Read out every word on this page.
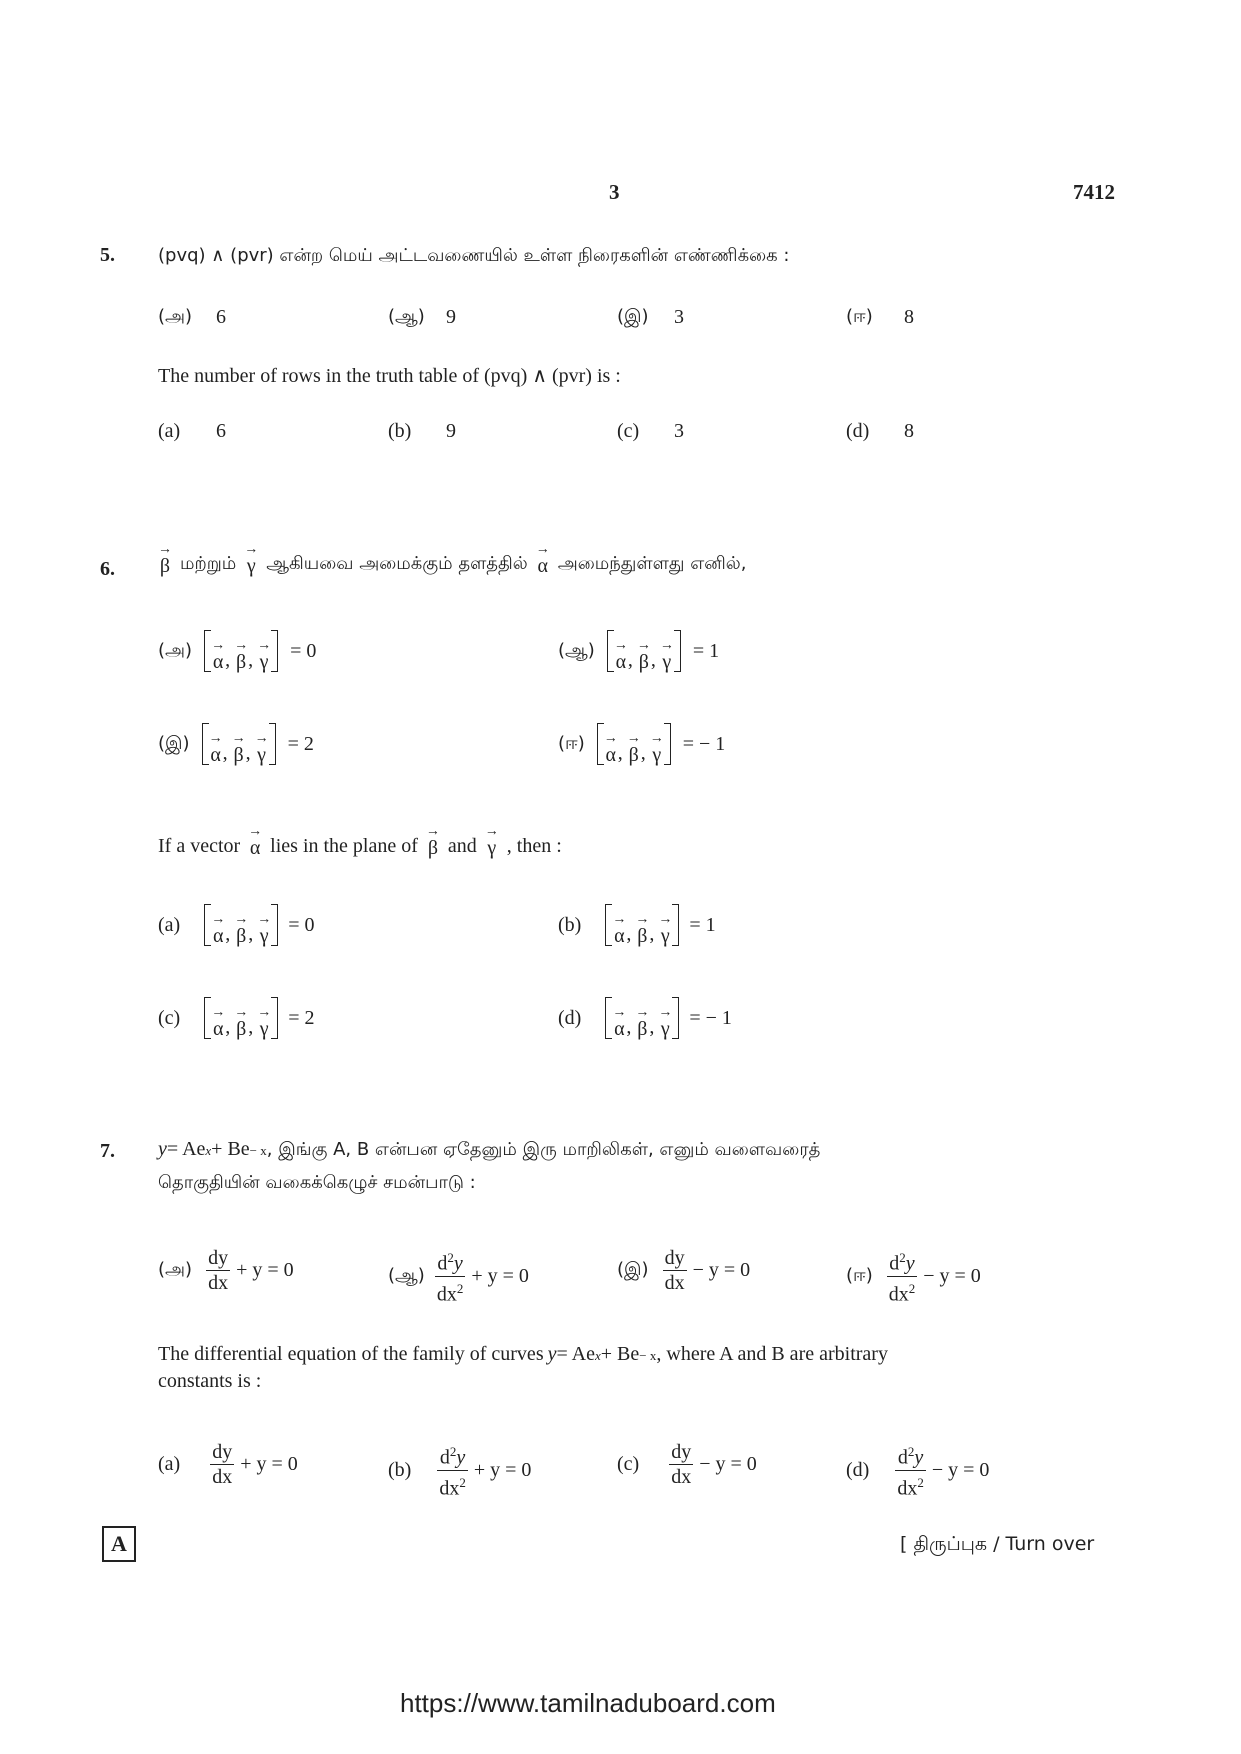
3	7412
5. (pvq) ∧ (pvr) என்ற மெய் அட்டவணையில் உள்ள நிரைகளின் எண்ணிக்கை :
(அ) 6	(ஆ) 9	(இ) 3	(ஈ) 8
The number of rows in the truth table of (pvq) ∧ (pvr) is :
(a) 6	(b) 9	(c) 3	(d) 8
6.
→
β மற்றும்
→
γ ஆகியவை அமைக்கும் தளத்தில்
→
α அமைந்துள்ளது எனில்,
(அ) →
α ,

→
β ,

→
γ
= 0	(ஆ) →
α ,

→
β ,

→
γ
= 1
(இ) →
α ,

→
β ,

→
γ
= 2	(ஈ) →
α ,

→
β ,

→
γ
= − 1
If a vector
→
α lies in the plane of
→
β and
→
γ , then :
(a) →
α ,

→
β ,

→
γ
= 0	(b) →
α ,

→
β ,

→
γ
= 1
(c) →
α ,

→
β ,

→
γ
= 2	(d) →
α ,

→
β ,

→
γ
= − 1
7. y = Ae x + Be − x , இங்கு A, B என்பன ஏதேனும் இரு மாறிலிகள், எனும் வளைவரைத்
தொகுதியின் வகைக்கெழுச் சமன்பாடு :
(அ) $\frac{dy}{dx} + y = 0$	(ஆ) $\frac{d^2y}{dx^2} + y = 0$	(இ) $\frac{dy}{dx} - y = 0$	(ஈ) $\frac{d^2y}{dx^2} - y = 0$
The differential equation of the family of curves
y = Ae x + Be − x , where A and B are arbitrary
constants is :
$(a) \frac{dy}{dx} + y = 0$	$(b) \frac{d^2y}{dx^2} + y = 0$	$(c) \frac{dy}{dx} - y = 0$	$(d) \frac{d^2y}{dx^2} - y = 0$
A	[ திருப்புக / Turn over
https://www.tamilnaduboard.com
